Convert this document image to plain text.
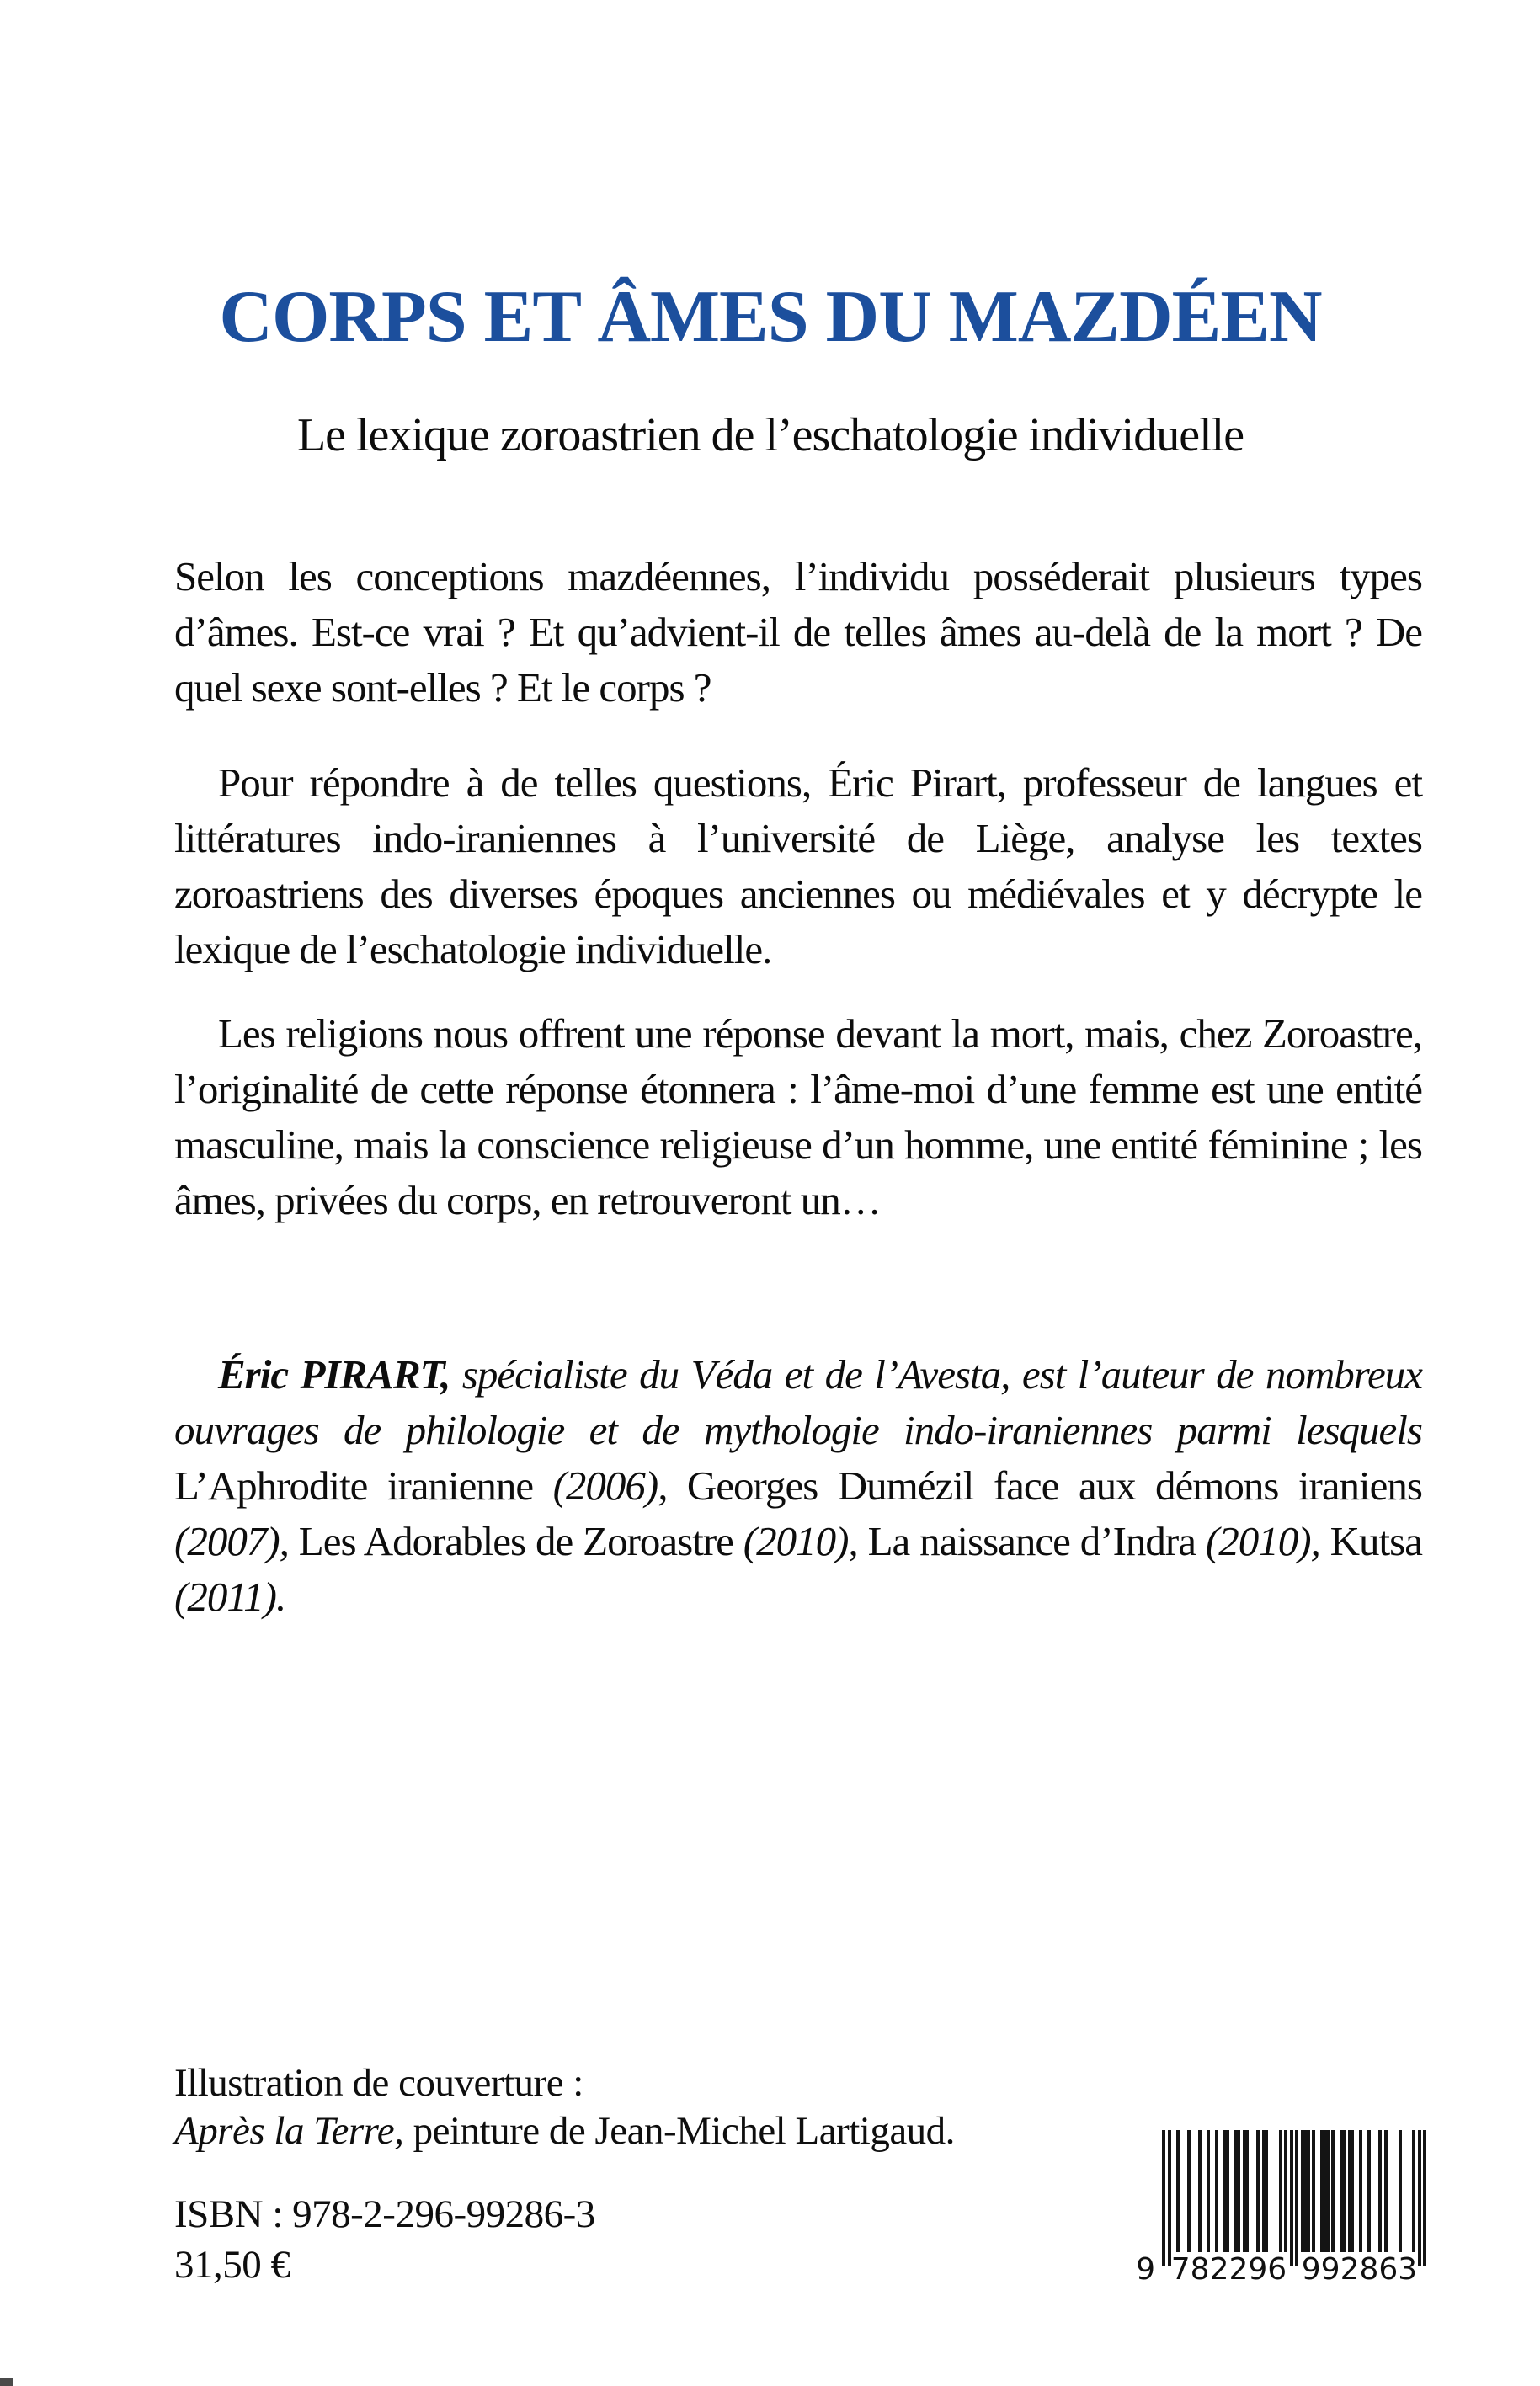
CORPS ET ÂMES DU MAZDÉEN
Le lexique zoroastrien de l’eschatologie individuelle

Selon les conceptions mazdéennes, l’individu posséderait plusieurs types d’âmes. Est-ce vrai ? Et qu’advient-il de telles âmes au-delà de la mort ? De quel sexe sont-elles ? Et le corps ?

Pour répondre à de telles questions, Éric Pirart, professeur de langues et littératures indo-iraniennes à l’université de Liège, analyse les textes zoroastriens des diverses époques anciennes ou médiévales et y décrypte le lexique de l’eschatologie individuelle.

Les religions nous offrent une réponse devant la mort, mais, chez Zoroastre, l’originalité de cette réponse étonnera : l’âme-moi d’une femme est une entité masculine, mais la conscience religieuse d’un homme, une entité féminine ; les âmes, privées du corps, en retrouveront un…

Éric PIRART, spécialiste du Véda et de l’Avesta, est l’auteur de nombreux ouvrages de philologie et de mythologie indo-iraniennes parmi lesquels L’Aphrodite iranienne (2006), Georges Dumézil face aux démons iraniens (2007), Les Adorables de Zoroastre (2010), La naissance d’Indra (2010), Kutsa (2011).

Illustration de couverture :
Après la Terre, peinture de Jean-Michel Lartigaud.
ISBN : 978-2-296-99286-3
31,50 €	9 782296 992863
